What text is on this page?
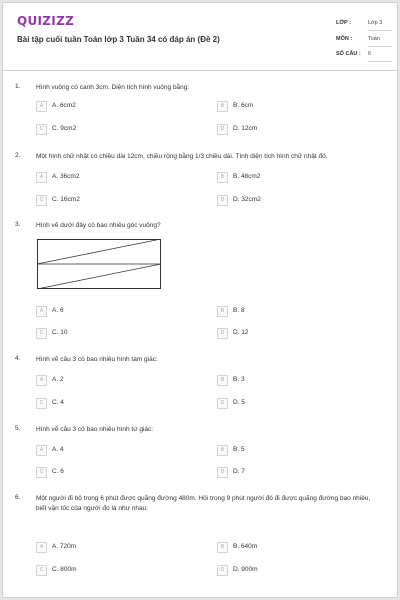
QUIZIZZ
Bài tập cuối tuần Toán lớp 3 Tuần 34 có đáp án (Đề 2)
LỚP :	Lớp 3
MÔN :	Toán
SỐ CÂU : 6
1. Hình vuông có cạnh 3cm. Diện tích hình vuông bằng:
A	A. 6cm2	B	B. 6cm
C	C. 9cm2	D	D. 12cm
2. Một hình chữ nhật có chiều dài 12cm, chiều rộng bằng 1/3 chiều dài. Tính diện tích hình chữ nhật đó.
A	A. 36cm2	B	B. 48cm2
C	C. 16cm2	D	D. 32cm2
3. Hình vẽ dưới đây có bao nhiêu góc vuông?
A	A. 6	B	B. 8
C	C. 10	D	D. 12
4. Hình vẽ câu 3 có bao nhiêu hình tam giác:
A	A. 2	B	B. 3
C	C. 4	D	D. 5
5. Hình vẽ câu 3 có bao nhiêu hình tứ giác:
A	A. 4	B	B. 5
C	C. 6	D	D. 7
6. Một người đi bộ trong 6 phút được quãng đường 480m. Hỏi trong 9 phút người đó đi được quãng đường bao nhiêu, biết vận tốc của người đó là như nhau:
A	A. 720m	B	B. 640m
C	C. 800m	D	D. 900m
